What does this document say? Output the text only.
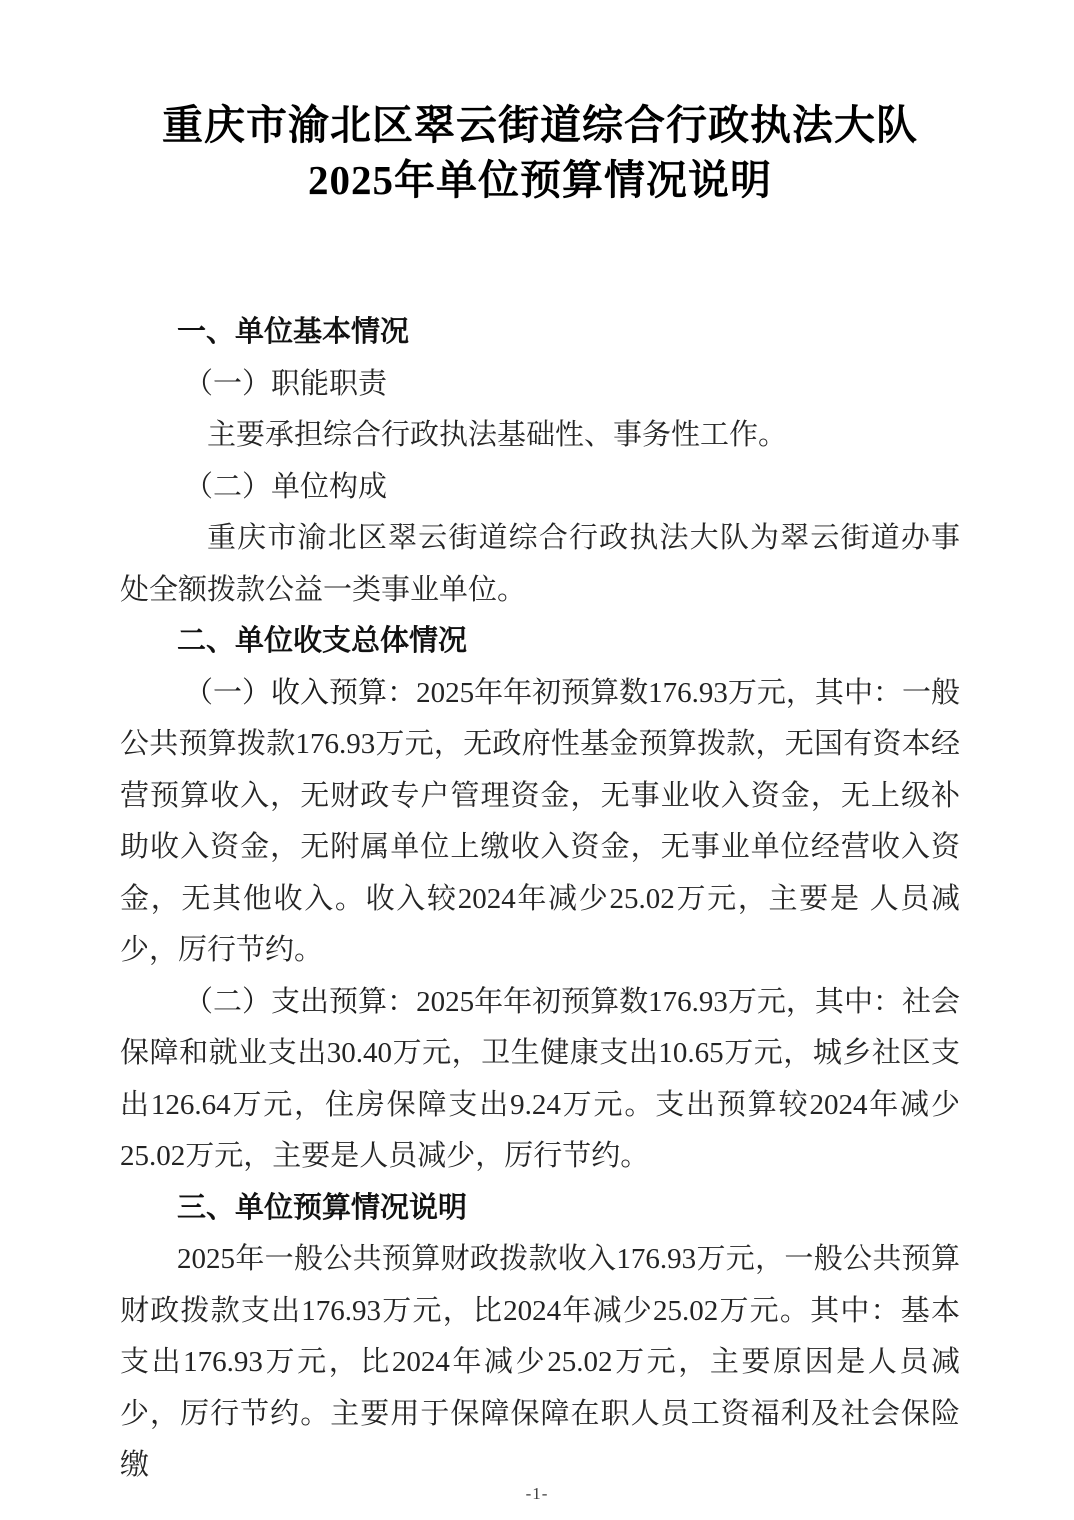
重庆市渝北区翠云街道综合行政执法大队
2025年单位预算情况说明
一、单位基本情况
（一）职能职责

主要承担综合行政执法基础性、事务性工作。

（二）单位构成

重庆市渝北区翠云街道综合行政执法大队为翠云街道办事处全额拨款公益一类事业单位。

二、单位收支总体情况

（一）收入预算：2025年年初预算数176.93万元，其中：一般公共预算拨款176.93万元，无政府性基金预算拨款，无国有资本经营预算收入，无财政专户管理资金，无事业收入资金，无上级补助收入资金，无附属单位上缴收入资金，无事业单位经营收入资金，无其他收入。收入较2024年减少25.02万元，主要是 人员减少，厉行节约。

（二）支出预算：2025年年初预算数176.93万元，其中：社会保障和就业支出30.40万元，卫生健康支出10.65万元，城乡社区支出126.64万元，住房保障支出9.24万元。支出预算较2024年减少25.02万元，主要是人员减少，厉行节约。

三、单位预算情况说明

2025年一般公共预算财政拨款收入176.93万元，一般公共预算财政拨款支出176.93万元，比2024年减少25.02万元。其中：基本支出176.93万元，比2024年减少25.02万元，主要原因是人员减少，厉行节约。主要用于保障保障在职人员工资福利及社会保险缴

-1-
